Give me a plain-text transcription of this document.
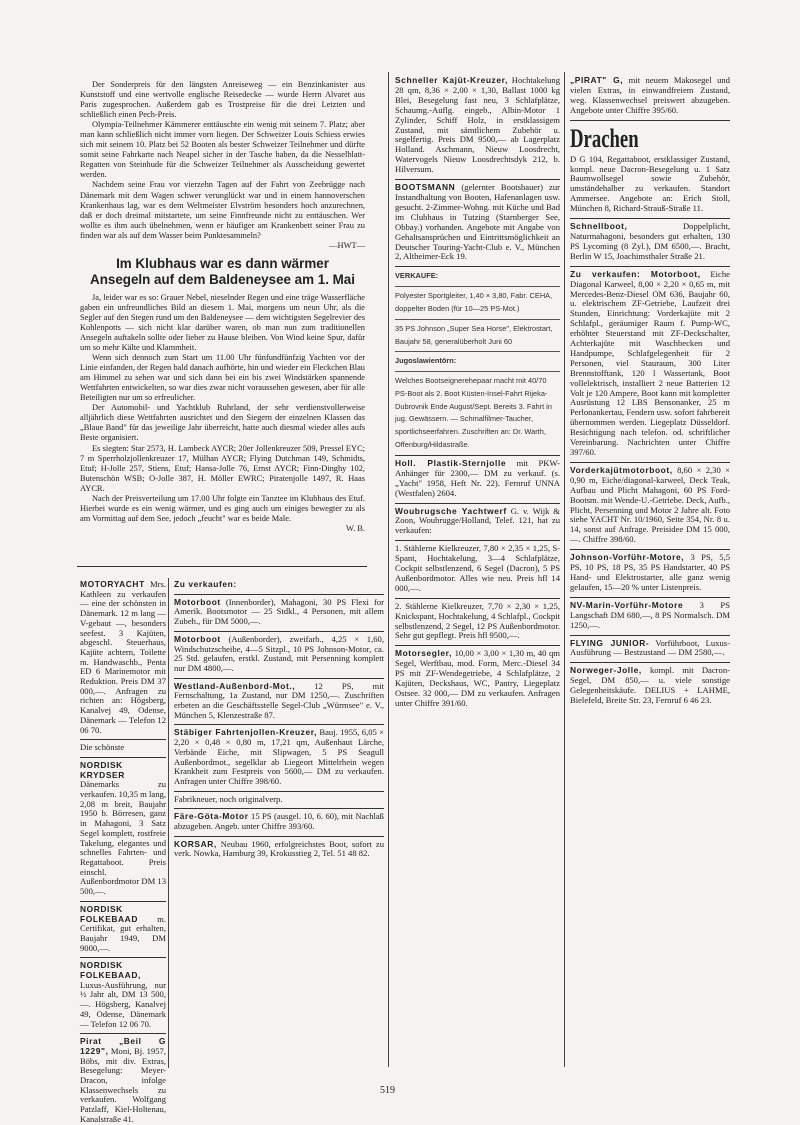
Der Sonderpreis für den längsten Anreiseweg — ein Benzinkanister aus Kunststoff und eine wertvolle englische Reisedecke — wurde Herrn Alvaret aus Paris zugesprochen. Außerdem gab es Trostpreise für die drei Letzten und schließlich einen Pech-Preis.

Olympia-Teilnehmer Kämmerer enttäuschte ein wenig mit seinem 7. Platz; aber man kann schließlich nicht immer vorn liegen. Der Schweizer Louis Schiess erwies sich mit seinem 10. Platz bei 52 Booten als bester Schweizer Teilnehmer und dürfte somit seine Fahrkarte nach Neapel sicher in der Tasche haben, da die Nesselblatt-Regatten von Steinhude für die Schweizer Teilnehmer als Ausscheidung gewertet werden.

Nachdem seine Frau vor vierzehn Tagen auf der Fahrt von Zeebrügge nach Dänemark mit dem Wagen schwer verunglückt war und in einem hannoverschen Krankenhaus lag, war es dem Weltmeister Elvström besonders hoch anzurechnen, daß er doch dreimal mitstartete, um seine Finnfreunde nicht zu enttäuschen. Wer wollte es ihm auch übelnehmen, wenn er häufiger am Krankenbett seiner Frau zu finden war als auf dem Wasser beim Punktesammeln?

—HWT—

Im Klubhaus war es dann wärmer
Ansegeln auf dem Baldeneysee am 1. Mai

Ja, leider war es so: Grauer Nebel, nieselnder Regen und eine träge Wasserfläche gaben ein unfreundliches Bild an diesem 1. Mai, morgens um neun Uhr, als die Segler auf den Stegen rund um den Baldeneysee — dem wichtigsten Segelrevier des Kohlenpotts — sich nicht klar darüber waren, ob man nun zum traditionellen Ansegeln auftakeln sollte oder lieber zu Hause bleiben. Von Wind keine Spur, dafür um so mehr Kälte und Klammheit.

Wenn sich dennoch zum Start um 11.00 Uhr fünfundfünfzig Yachten vor der Linie einfanden, der Regen bald danach aufhörte, hin und wieder ein Fleckchen Blau am Himmel zu sehen war und sich dann bei ein bis zwei Windstärken spannende Wettfahrten entwickelten, so war dies zwar nicht voraussehen gewesen, aber für alle Beteiligten nur um so erfreulicher.

Der Automobil- und Yachtklub Ruhrland, der sehr verdienstvollerweise alljährlich diese Wettfahrten ausrichtet und den Siegern der einzelnen Klassen das „Blaue Band" für das jeweilige Jahr überreicht, hatte auch diesmal wieder alles aufs Beste organisiert.

Es siegten: Star 2573, H. Lambeck AYCR; 20er Jollenkreuzer 509, Pressel EYC; 7 m Sperrholzjollenkreuzer 17, Mülhan AYCR; Flying Dutchman 149, Schmidts, Etuf; H-Jolle 257, Stiens, Etuf; Hansa-Jolle 76, Ernst AYCR; Finn-Dinghy 102, Butenschön WSB; O-Jolle 387, H. Möller EWRC; Piratenjolle 1497, R. Haas AYCR.

Nach der Preisverteilung um 17.00 Uhr folgte ein Tanztee im Klubhaus des Etuf. Hierbei wurde es ein wenig wärmer, und es ging auch um einiges bewegter zu als am Vormittag auf dem See, jedoch „feucht" war es beide Male.

W. B.

MOTORYACHT Mrs. Kathleen zu verkaufen — eine der schönsten in Dänemark. 12 m lang — V-gebaut —, besonders seefest. 3 Kajüten, abgeschl. Steuerhaus, Kajüte achtern, Toilette m. Handwaschb., Penta ED 6 Marinemotor mit Reduktion. Preis DM 37 000,—. Anfragen zu richten an: Högsberg, Kanalvej 49, Odense, Dänemark — Telefon 12 06 70.
Die schönste
NORDISK KRYDSER Dänemarks zu verkaufen. 10,35 m lang, 2,08 m breit, Baujahr 1950 b. Börresen, ganz in Mahagoni, 3 Satz Segel komplett, rostfreie Takelung, elegantes und schnelles Fahrten- und Regattaboot. Preis einschl. Außenbordmotor DM 13 500,—.
NORDISK FOLKEBAAD m. Certifikat, gut erhalten, Baujahr 1949, DM 9000,—.
NORDISK FOLKEBAAD, Luxus-Ausführung, nur ½ Jahr alt, DM 13 500,—. Högsberg, Kanalvej 49, Odense, Dänemark — Telefon 12 06 70.
Pirat „Beil G 1229", Moni, Bj. 1957, Böbs, mit div. Extras, Besegelung: Meyer-Dracon, infolge Klassenwechsels zu verkaufen. Wolfgang Patzlaff, Kiel-Holtenau, Kanalstraße 41.
Zu verkaufen:
Motorboot (Innenborder), Mahagoni, 30 PS Flexi for Amerik. Bootsmotor — 25 Stdkl., 4 Personen, mit allem Zubeh., für DM 5000,—.
Motorboot (Außenborder), zweifarb., 4,25 × 1,60, Windschutzscheibe, 4—5 Sitzpl., 10 PS Johnson-Motor, ca. 25 Std. gelaufen, erstkl. Zustand, mit Persenning komplett nur DM 4800,—.
Westland-Außenbord-Mot., 12 PS, mit Fernschaltung, 1a Zustand, nur DM 1250,—. Zuschriften erbeten an die Geschäftsstelle Segel-Club „Würmsee" e. V., München 5, Klenzestraße 87.
Stäbiger Fahrtenjollen-Kreuzer, Bauj. 1955, 6,05 × 2,20 × 0,48 × 0,80 m, 17,21 qm, Außenhaut Lärche, Verbände Eiche, mit Slipwagen, 5 PS Seagull Außenbordmot., segelklar ab Liegeort Mittelrhein wegen Krankheit zum Festpreis von 5600,— DM zu verkaufen. Anfragen unter Chiffre 398/60.
Fabrikneuer, noch originalverp.
Färe-Göta-Motor 15 PS (ausgel. 10, 6. 60), mit Nachlaß abzugeben. Angeb. unter Chiffre 393/60.
KORSAR, Neubau 1960, erfolgreichstes Boot, sofort zu verk. Nowka, Hamburg 39, Krokusstieg 2, Tel. 51 48 82.
Schneller Kajüt-Kreuzer, Hochtakelung 28 qm, 8,36 × 2,00 × 1,30, Ballast 1000 kg Blei, Besegelung fast neu, 3 Schlafplätze, Schaumg.-Auflg. eingeb., Albin-Motor 1 Zylinder, Schiff Holz, in erstklassigem Zustand, mit sämtlichem Zubehör u. segelfertig. Preis DM 9500,— ab Lagerplatz Holland. Aschmann, Nieuw Loosdrecht, Watervogels Nieuw Loosdrechtsdyk 212, b. Hilversum.
BOOTSMANN (gelernter Bootsbauer) zur Instandhaltung von Booten, Hafenanlagen usw. gesucht. 2-Zimmer-Wohng. mit Küche und Bad im Clubhaus in Tutzing (Starnberger See, Obbay.) vorhanden. Angebote mit Angabe von Gehaltsansprüchen und Eintrittsmöglichkeit an Deutscher Touring-Yacht-Club e. V., München 2, Altheimer-Eck 19.
VERKAUFE:
Polyester Sportgleiter, 1,40 × 3,80, Fabr. CEHA, doppelter Boden (für 10—25 PS-Mot.)
35 PS Johnson „Super Sea Horse", Elektrostart, Baujahr 58, generalüberholt Juni 60
Jugoslawientörn:
Welches Bootseignerehepaar macht mit 40/70 PS-Boot als 2. Boot Küsten-Insel-Fahrt Rijeka-Dubrovnik Ende August/Sept. Bereits 3. Fahrt in jug. Gewässern. — Schmalfilmer-Taucher, sportlichseerfahren. Zuschriften an: Dr. Warth, Offenburg/Hildastraße.
Holl. Plastik-Sternjolle mit PKW-Anhänger für 2300,— DM zu verkauf. (s. „Yacht" 1958, Heft Nr. 22). Fernruf UNNA (Westfalen) 2604.
Woubrugsche Yachtwerf G. v. Wijk & Zoon, Woubrugge/Holland, Telef. 121, hat zu verkaufen:
1. Stählerne Kielkreuzer, 7,80 × 2,35 × 1,25, S-Spant, Hochtakelung, 3—4 Schlafplätze, Cockpit selbstlenzend, 6 Segel (Dacron), 5 PS Außenbordmotor. Alles wie neu. Preis hfl 14 000,—.
2. Stählerne Kielkreuzer, 7,70 × 2,30 × 1,25, Knickspant, Hochtakelung, 4 Schlafpl., Cockpit selbstlenzend, 2 Segel, 12 PS Außenbordmotor. Sehr gut gepflegt. Preis hfl 9500,—.
Motorsegler, 10,00 × 3,00 × 1,30 m, 40 qm Segel, Werftbau, mod. Form, Merc.-Diesel 34 PS mit ZF-Wendegetriebe, 4 Schlafplätze, 2 Kajüten, Deckshaus, WC, Pantry, Liegeplatz Ostsee. 32 000,— DM zu verkaufen. Anfragen unter Chiffre 391/60.
„PIRAT" G, mit neuem Makosegel und vielen Extras, in einwandfreiem Zustand, weg. Klassenwechsel preiswert abzugeben. Angebote unter Chiffre 395/60.
Drachen
D G 104, Regattaboot, erstklassiger Zustand, kompl. neue Dacron-Besegelung u. 1 Satz Baumwollsegel sowie Zubehör, umständehalber zu verkaufen. Standort Ammersee. Angebote an: Erich Stoll, München 8, Richard-Strauß-Straße 11.
Schnellboot,	Doppelplicht, Naturmahagoni, besonders gut erhalten, 130 PS Lycoming (8 Zyl.), DM 6500,—. Bracht, Berlin W 15, Joachimsthaler Straße 21.
Zu verkaufen: Motorboot, Eiche Diagonal Karweel, 8,00 × 2,20 × 0,65 m, mit Mercedes-Benz-Diesel OM 636, Baujahr 60, u. elektrischem ZF-Getriebe, Laufzeit drei Stunden, Einrichtung: Vorderkajüte mit 2 Schlafpl., geräumiger Raum f. Pump-WC, erhöhter Steuerstand mit ZF-Deckschalter, Achterkajüte mit Waschbecken und Handpumpe, Schlafgelegenheit für 2 Personen, viel Stauraum, 300 Liter Brennstofftank, 120 l Wassertank, Boot vollelektrisch, installiert 2 neue Batterien 12 Volt je 120 Ampere, Boot kann mit kompletter Ausrüstung 12 LBS Bensonanker, 25 m Perlonankertau, Fendern usw. sofort fahrbereit übernommen werden. Liegeplatz Düsseldorf. Besichtigung nach telefon. od. schriftlicher Vereinbarung. Nachrichten unter Chiffre 397/60.
Vorderkajütmotorboot, 8,60 × 2,30 × 0,90 m, Eiche/diagonal-karweel, Deck Teak, Aufbau und Plicht Mahagoni, 60 PS Ford-Bootsm. mit Wende-U.-Getriebe. Deck, Aufb., Plicht, Persenning und Motor 2 Jahre alt. Foto siehe YACHT Nr. 10/1960, Seite 354, Nr. 8 u. 14, sonst auf Anfrage. Preisidee DM 15 000,—. Chiffre 398/60.
Johnson-Vorführ-Motore, 3 PS, 5,5 PS, 10 PS, 18 PS, 35 PS Handstarter, 40 PS Hand- und Elektrostarter, alle ganz wenig gelaufen, 15—20 % unter Listenpreis.
NV-Marin-Vorführ-Motore 3 PS Langschaft DM 680,—, 8 PS Normalsch. DM 1250,—.
FLYING JUNIOR- Vorführboot, Luxus-Ausführung — Bestzustand — DM 2580,—.
Norweger-Jolle, kompl. mit Dacron-Segel, DM 850,— u. viele sonstige Gelegenheitskäufe. DELIUS + LAHME, Bielefeld, Breite Str. 23, Fernruf 6 46 23.
519
